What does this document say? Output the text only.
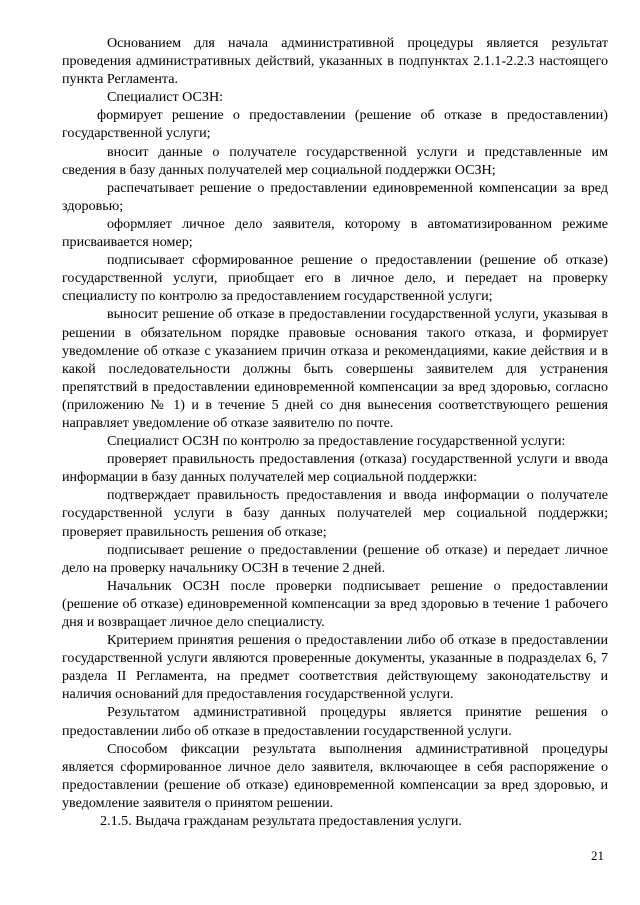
Основанием для начала административной процедуры является результат проведения административных действий, указанных в подпунктах 2.1.1-2.2.3 настоящего пункта Регламента.

Специалист ОСЗН:

формирует решение о предоставлении (решение об отказе в предоставлении) государственной услуги;

вносит данные о получателе государственной услуги и представленные им сведения в базу данных получателей мер социальной поддержки ОСЗН;

распечатывает решение о предоставлении единовременной компенсации за вред здоровью;

оформляет личное дело заявителя, которому в автоматизированном режиме присваивается номер;

подписывает сформированное решение о предоставлении (решение об отказе) государственной услуги, приобщает его в личное дело, и передает на проверку специалисту по контролю за предоставлением государственной услуги;

выносит решение об отказе в предоставлении государственной услуги, указывая в решении в обязательном порядке правовые основания такого отказа, и формирует уведомление об отказе с указанием причин отказа и рекомендациями, какие действия и в какой последовательности должны быть совершены заявителем для устранения препятствий в предоставлении единовременной компенсации за вред здоровью, согласно (приложению № 1) и в течение 5 дней со дня вынесения соответствующего решения направляет уведомление об отказе заявителю по почте.

Специалист ОСЗН по контролю за предоставление государственной услуги:

проверяет правильность предоставления (отказа) государственной услуги и ввода информации в базу данных получателей мер социальной поддержки:

подтверждает правильность предоставления и ввода информации о получателе государственной услуги в базу данных получателей мер социальной поддержки; проверяет правильность решения об отказе;

подписывает решение о предоставлении (решение об отказе) и передает личное дело на проверку начальнику ОСЗН в течение 2 дней.

Начальник ОСЗН после проверки подписывает решение о предоставлении (решение об отказе) единовременной компенсации за вред здоровью в течение 1 рабочего дня и возвращает личное дело специалисту.

Критерием принятия решения о предоставлении либо об отказе в предоставлении государственной услуги являются проверенные документы, указанные в подразделах 6, 7 раздела II Регламента, на предмет соответствия действующему законодательству и наличия оснований для предоставления государственной услуги.

Результатом административной процедуры является принятие решения о предоставлении либо об отказе в предоставлении государственной услуги.

Способом фиксации результата выполнения административной процедуры является сформированное личное дело заявителя, включающее в себя распоряжение о предоставлении (решение об отказе) единовременной компенсации за вред здоровью, и уведомление заявителя о принятом решении.

2.1.5. Выдача гражданам результата предоставления услуги.

21
